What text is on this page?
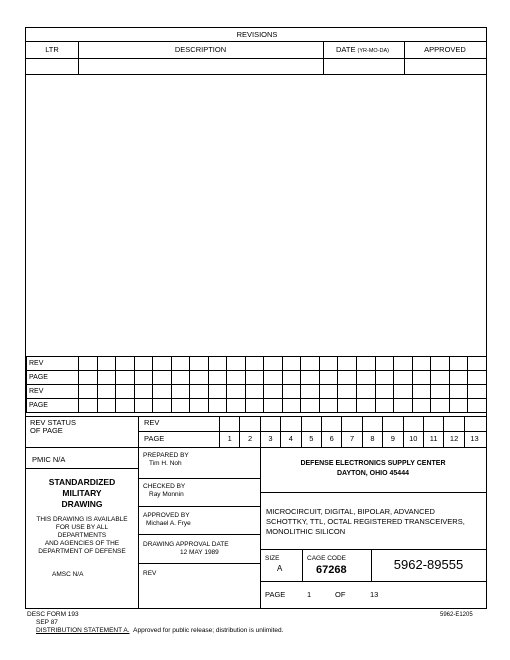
REVISIONS
LTR	DESCRIPTION	DATE (YR-MO-DA)	APPROVED
REV																						
PAGE																						
REV																						
PAGE																						
REV STATUS
OF PAGE
REV
PAGE	1	2	3	4	5	6	7	8	9	10	11	12	13
PMIC N/A
STANDARDIZED
MILITARY
DRAWING
THIS DRAWING IS AVAILABLE
FOR USE BY ALL
DEPARTMENTS
AND AGENCIES OF THE
DEPARTMENT OF DEFENSE
AMSC N/A
PREPARED BY
Tim H. Noh
CHECKED BY
Ray Monnin
APPROVED BY
Michael A. Frye
DRAWING APPROVAL DATE
12 MAY 1989
REV
DEFENSE ELECTRONICS SUPPLY CENTER
DAYTON, OHIO 45444
MICROCIRCUIT, DIGITAL, BIPOLAR, ADVANCED
SCHOTTKY, TTL, OCTAL REGISTERED TRANSCEIVERS,
MONOLITHIC SILICON
SIZE
A
CAGE CODE
67268	5962-89555
PAGE	1	OF	13
DESC FORM 193
SEP 87
5962-E1205
DISTRIBUTION STATEMENT A. Approved for public release; distribution is unlimited.
